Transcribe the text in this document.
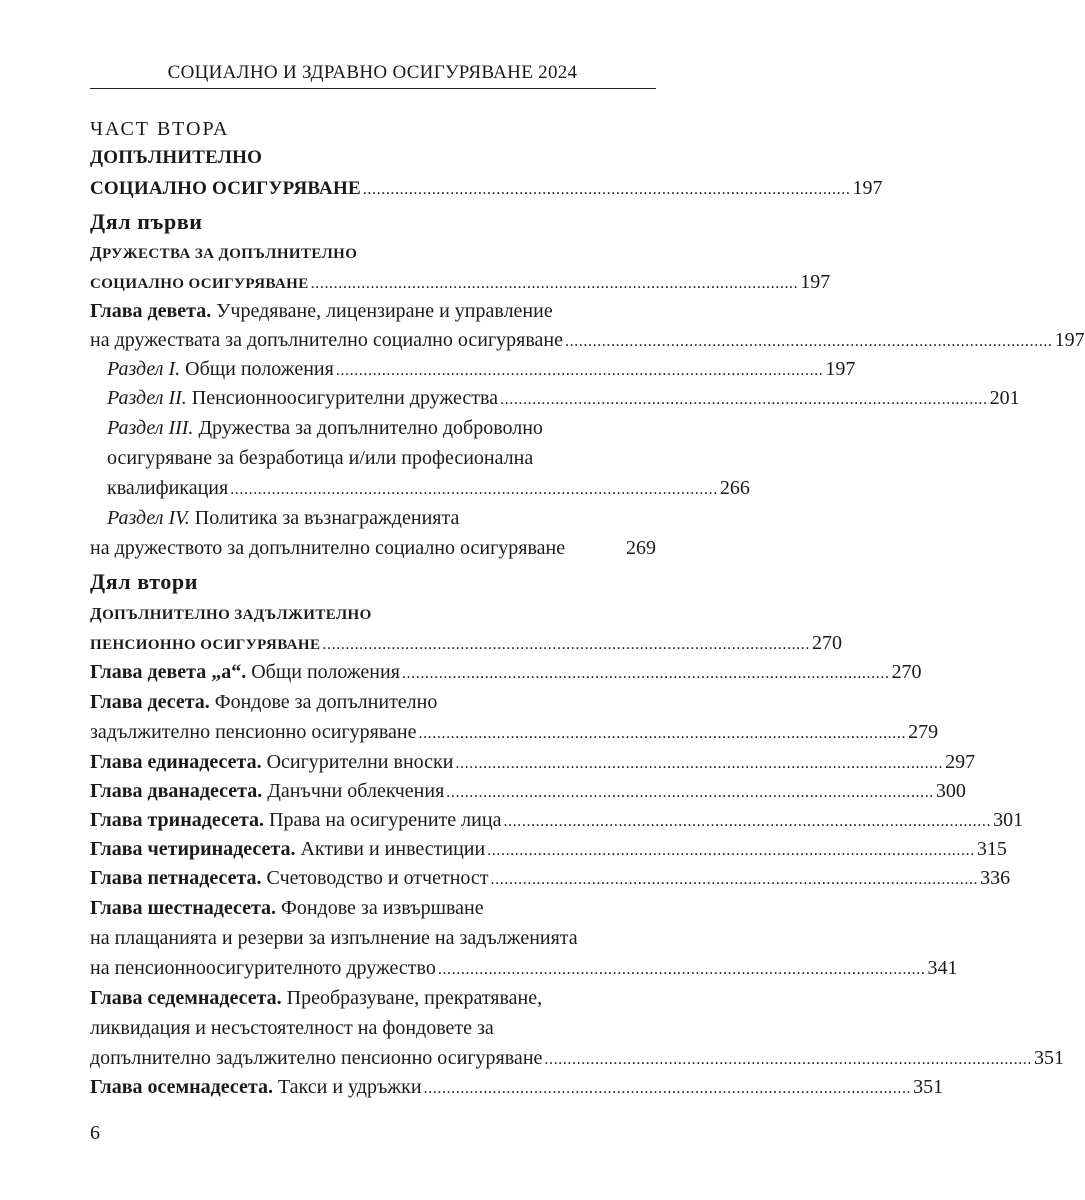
СОЦИАЛНО И ЗДРАВНО ОСИГУРЯВАНЕ 2024
ЧАСТ ВТОРА
ДОПЪЛНИТЕЛНО
СОЦИАЛНО ОСИГУРЯВАНЕ .......................................................................................................... 197
Дял първи
ДРУЖЕСТВА ЗА ДОПЪЛНИТЕЛНО
СОЦИАЛНО ОСИГУРЯВАНЕ .......................................................................................................... 197
Глава девета. Учредяване, лицензиране и управление
на дружествата за допълнително социално осигуряване .......................................................................................................... 197
Раздел I. Общи положения .......................................................................................................... 197
Раздел II. Пенсионноосигурителни дружества .......................................................................................................... 201
Раздел III. Дружества за допълнително доброволно
осигуряване за безработица и/или професионална
квалификация .......................................................................................................... 266
Раздел IV. Политика за възнагражденията
на дружеството за допълнително социално осигуряване	269
Дял втори
ДОПЪЛНИТЕЛНО ЗАДЪЛЖИТЕЛНО
ПЕНСИОННО ОСИГУРЯВАНЕ .......................................................................................................... 270
Глава девета „а“. Общи положения .......................................................................................................... 270
Глава десета. Фондове за допълнително
задължително пенсионно осигуряване .......................................................................................................... 279
Глава единадесета. Осигурителни вноски .......................................................................................................... 297
Глава дванадесета. Данъчни облекчения .......................................................................................................... 300
Глава тринадесета. Права на осигурените лица .......................................................................................................... 301
Глава четиринадесета. Активи и инвестиции .......................................................................................................... 315
Глава петнадесета. Счетоводство и отчетност .......................................................................................................... 336
Глава шестнадесета. Фондове за извършване
на плащанията и резерви за изпълнение на задълженията
на пенсионноосигурителното дружество .......................................................................................................... 341
Глава седемнадесета. Преобразуване, прекратяване,
ликвидация и несъстоятелност на фондовете за
допълнително задължително пенсионно осигуряване .......................................................................................................... 351
Глава осемнадесета. Такси и удръжки .......................................................................................................... 351
6
